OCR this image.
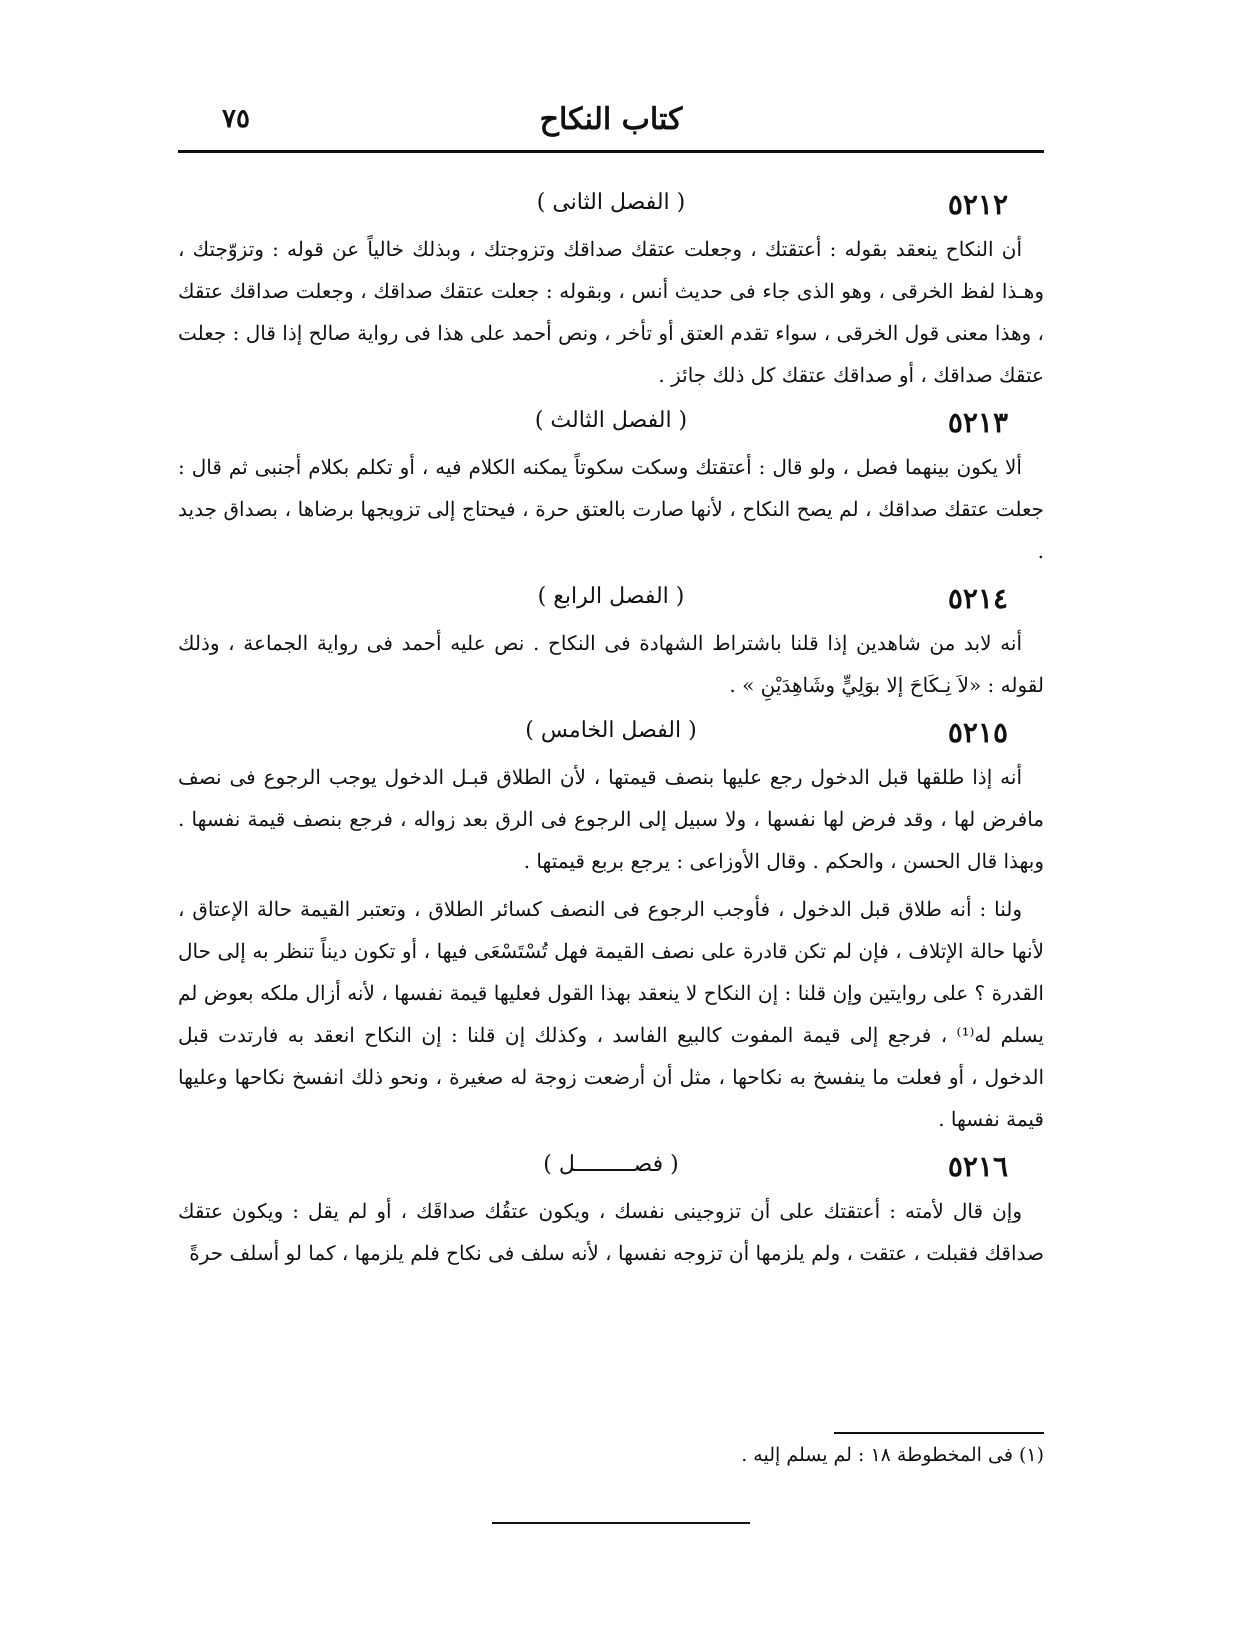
كتاب النكاح
٧٥
٥٢١٢
( الفصل الثانى )

أن النكاح ينعقد بقوله : أعتقتك ، وجعلت عتقك صداقك وتزوجتك ، وبذلك خالياً عن قوله : وتزوّجتك ، وهـذا لفظ الخرقى ، وهو الذى جاء فى حديث أنس ، وبقوله : جعلت عتقك صداقك ، وجعلت صداقك عتقك ، وهذا معنى قول الخرقى ، سواء تقدم العتق أو تأخر ، ونص أحمد على هذا فى رواية صالح إذا قال : جعلت عتقك صداقك ، أو صداقك عتقك كل ذلك جائز .

٥٢١٣
( الفصل الثالث )

ألا يكون بينهما فصل ، ولو قال : أعتقتك وسكت سكوتاً يمكنه الكلام فيه ، أو تكلم بكلام أجنبى ثم قال : جعلت عتقك صداقك ، لم يصح النكاح ، لأنها صارت بالعتق حرة ، فيحتاج إلى تزويجها برضاها ، بصداق جديد .

٥٢١٤
( الفصل الرابع )

أنه لابد من شاهدين إذا قلنا باشتراط الشهادة فى النكاح . نص عليه أحمد فى رواية الجماعة ، وذلك لقوله : «لاَ نِـكَاحَ إلا بوَلِيٍّ وشَاهِدَيْنِ » .

٥٢١٥
( الفصل الخامس )

أنه إذا طلقها قبل الدخول رجع عليها بنصف قيمتها ، لأن الطلاق قبـل الدخول يوجب الرجوع فى نصف مافرض لها ، وقد فرض لها نفسها ، ولا سبيل إلى الرجوع فى الرق بعد زواله ، فرجع بنصف قيمة نفسها . وبهذا قال الحسن ، والحكم . وقال الأوزاعى : يرجع بربع قيمتها .

ولنا : أنه طلاق قبل الدخول ، فأوجب الرجوع فى النصف كسائر الطلاق ، وتعتبر القيمة حالة الإعتاق ، لأنها حالة الإتلاف ، فإن لم تكن قادرة على نصف القيمة فهل تُسْتَسْعَى فيها ، أو تكون ديناً تنظر به إلى حال القدرة ؟ على روايتين وإن قلنا : إن النكاح لا ينعقد بهذا القول فعليها قيمة نفسها ، لأنه أزال ملكه بعوض لم يسلم له⁽¹⁾ ، فرجع إلى قيمة المفوت كالبيع الفاسد ، وكذلك إن قلنا : إن النكاح انعقد به فارتدت قبل الدخول ، أو فعلت ما ينفسخ به نكاحها ، مثل أن أرضعت زوجة له صغيرة ، ونحو ذلك انفسخ نكاحها وعليها قيمة نفسها .

٥٢١٦
( فصـــــــــل )

وإن قال لأمته : أعتقتك على أن تزوجينى نفسك ، ويكون عتقُك صداقَك ، أو لم يقل : ويكون عتقك صداقك فقبلت ، عتقت ، ولم يلزمها أن تزوجه نفسها ، لأنه سلف فى نكاح فلم يلزمها ، كما لو أسلف حرةً

(١) فى المخطوطة ١٨ : لم يسلم إليه .
